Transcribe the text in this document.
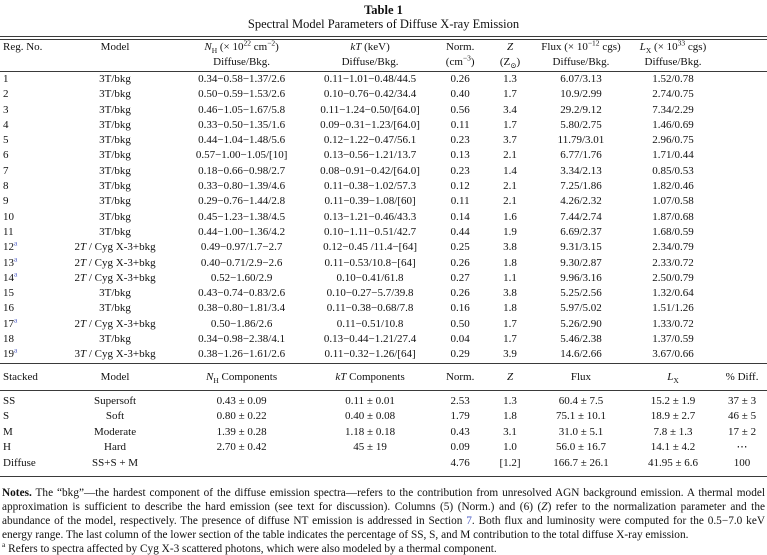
Table 1
Spectral Model Parameters of Diffuse X-ray Emission
Reg. No.	Model	$N_H$ (× $10^{22}$ $cm^{-2}$)	kT (keV)	Norm.	Z	Flux (× $10^{-12}$ cgs)	$L_X$ (× $10^{33}$ cgs)	
		Diffuse/Bkg.	Diffuse/Bkg.	$(cm^{-3})$	$(Z_⊙)$	Diffuse/Bkg.	Diffuse/Bkg.	
1	3T/bkg	0.34−0.58−1.37/2.6	0.11−1.01−0.48/44.5	0.26	1.3	6.07/3.13	1.52/0.78	
2	3T/bkg	0.50−0.59−1.53/2.6	0.10−0.76−0.42/34.4	0.40	1.7	10.9/2.99	2.74/0.75	
3	3T/bkg	0.46−1.05−1.67/5.8	0.11−1.24−0.50/[64.0]	0.56	3.4	29.2/9.12	7.34/2.29	
4	3T/bkg	0.33−0.50−1.35/1.6	0.09−0.31−1.23/[64.0]	0.11	1.7	5.80/2.75	1.46/0.69	
5	3T/bkg	0.44−1.04−1.48/5.6	0.12−1.22−0.47/56.1	0.23	3.7	11.79/3.01	2.96/0.75	
6	3T/bkg	0.57−1.00−1.05/[10]	0.13−0.56−1.21/13.7	0.13	2.1	6.77/1.76	1.71/0.44	
7	3T/bkg	0.18−0.66−0.98/2.7	0.08−0.91−0.42/[64.0]	0.23	1.4	3.34/2.13	0.85/0.53	
8	3T/bkg	0.33−0.80−1.39/4.6	0.11−0.38−1.02/57.3	0.12	2.1	7.25/1.86	1.82/0.46	
9	3T/bkg	0.29−0.76−1.44/2.8	0.11−0.39−1.08/[60]	0.11	2.1	4.26/2.32	1.07/0.58	
10	3T/bkg	0.45−1.23−1.38/4.5	0.13−1.21−0.46/43.3	0.14	1.6	7.44/2.74	1.87/0.68	
11	3T/bkg	0.44−1.00−1.36/4.2	0.10−1.11−0.51/42.7	0.44	1.9	6.69/2.37	1.68/0.59	
12$^a$	2T / Cyg X-3+bkg	0.49−0.97/1.7−2.7	0.12−0.45 /11.4−[64]	0.25	3.8	9.31/3.15	2.34/0.79	
13$^a$	2T / Cyg X-3+bkg	0.40−0.71/2.9−2.6	0.11−0.53/10.8−[64]	0.26	1.8	9.30/2.87	2.33/0.72	
14$^a$	2T / Cyg X-3+bkg	0.52−1.60/2.9	0.10−0.41/61.8	0.27	1.1	9.96/3.16	2.50/0.79	
15	3T/bkg	0.43−0.74−0.83/2.6	0.10−0.27−5.7/39.8	0.26	3.8	5.25/2.56	1.32/0.64	
16	3T/bkg	0.38−0.80−1.81/3.4	0.11−0.38−0.68/7.8	0.16	1.8	5.97/5.02	1.51/1.26	
17$^a$	2T / Cyg X-3+bkg	0.50−1.86/2.6	0.11−0.51/10.8	0.50	1.7	5.26/2.90	1.33/0.72	
18	3T/bkg	0.34−0.98−2.38/4.1	0.13−0.44−1.21/27.4	0.04	1.7	5.46/2.38	1.37/0.59	
19$^a$	3T / Cyg X-3+bkg	0.38−1.26−1.61/2.6	0.11−0.32−1.26/[64]	0.29	3.9	14.6/2.66	3.67/0.66	
Stacked	Model	$N_H$ Components	kT Components	Norm.	Z	Flux	$L_X$	% Diff.
SS	Supersoft	0.43 ± 0.09	0.11 ± 0.01	2.53	1.3	60.4 ± 7.5	15.2 ± 1.9	37 ± 3
S	Soft	0.80 ± 0.22	0.40 ± 0.08	1.79	1.8	75.1 ± 10.1	18.9 ± 2.7	46 ± 5
M	Moderate	1.39 ± 0.28	1.18 ± 0.18	0.43	3.1	31.0 ± 5.1	7.8 ± 1.3	17 ± 2
H	Hard	2.70 ± 0.42	45 ± 19	0.09	1.0	56.0 ± 16.7	14.1 ± 4.2	⋯
Diffuse	SS+S + M			4.76	[1.2]	166.7 ± 26.1	41.95 ± 6.6	100

Notes. The “bkg”—the hardest component of the diffuse emission spectra—refers to the contribution from unresolved AGN background emission. A thermal model approximation is sufficient to describe the hard emission (see text for discussion). Columns (5) (Norm.) and (6) (Z) refer to the normalization parameter and the abundance of the model, respectively. The presence of diffuse NT emission is addressed in Section 7. Both flux and luminosity were computed for the 0.5−7.0 keV energy range. The last column of the lower section of the table indicates the percentage of SS, S, and M contribution to the total diffuse X-ray emission.

$^a$ Refers to spectra affected by Cyg X-3 scattered photons, which were also modeled by a thermal component.
